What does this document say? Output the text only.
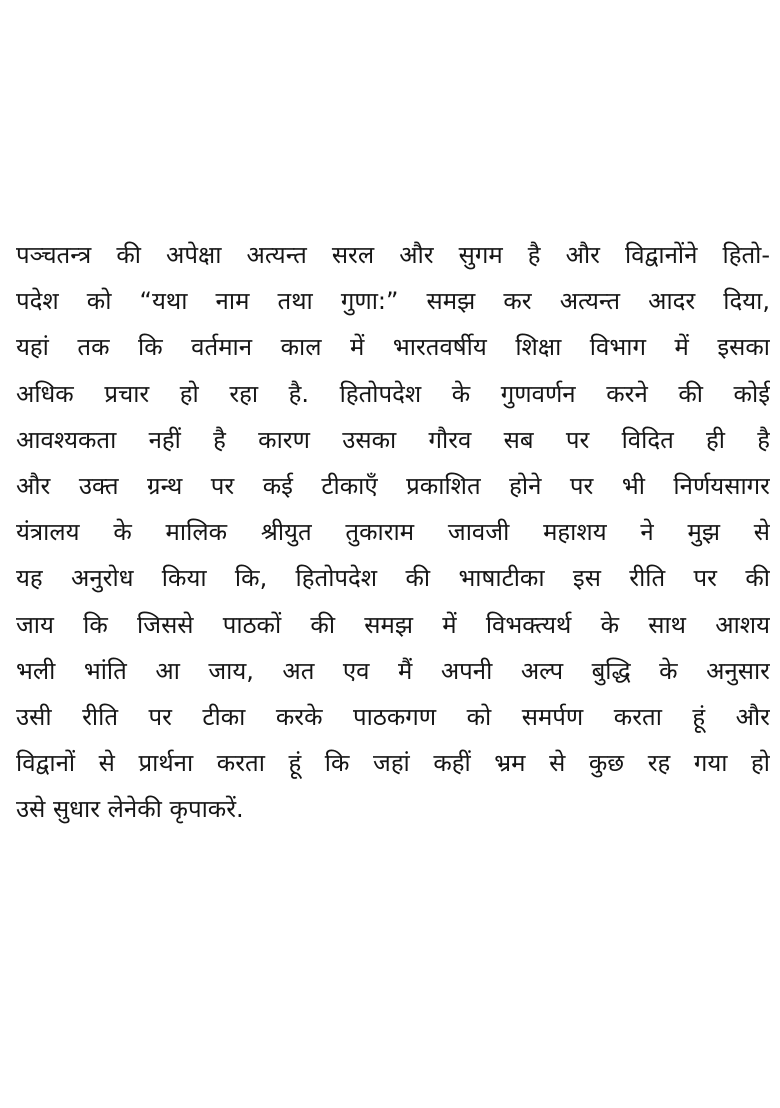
पञ्चतन्त्र की अपेक्षा अत्यन्त सरल और सुगम है और विद्वानोंने हितो-
पदेश को “यथा नाम तथा गुणा:” समझ कर अत्यन्त आदर दिया,
यहां तक कि वर्तमान काल में भारतवर्षीय शिक्षा विभाग में इसका
अधिक प्रचार हो रहा है. हितोपदेश के गुणवर्णन करने की कोई
आवश्यकता नहीं है कारण उसका गौरव सब पर विदित ही है
और उक्त ग्रन्थ पर कई टीकाएँ प्रकाशित होने पर भी निर्णयसागर
यंत्रालय के मालिक श्रीयुत तुकाराम जावजी महाशय ने मुझ से
यह अनुरोध किया कि, हितोपदेश की भाषाटीका इस रीति पर की
जाय कि जिससे पाठकों की समझ में विभक्त्यर्थ के साथ आशय
भली भांति आ जाय, अत एव मैं अपनी अल्प बुद्धि के अनुसार
उसी रीति पर टीका करके पाठकगण को समर्पण करता हूं और
विद्वानों से प्रार्थना करता हूं कि जहां कहीं भ्रम से कुछ रह गया हो
उसे सुधार लेनेकी कृपाकरें.
